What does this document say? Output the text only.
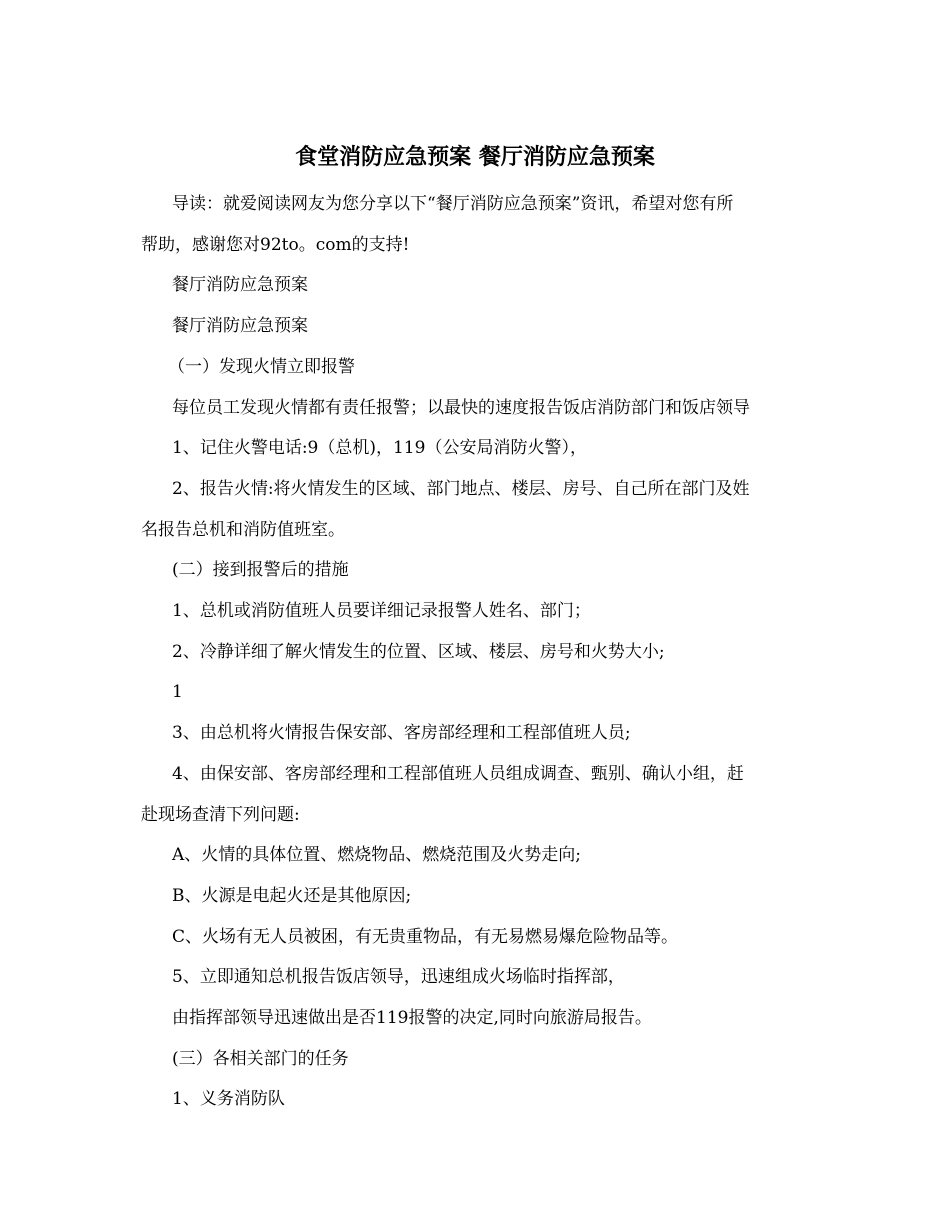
食堂消防应急预案 餐厅消防应急预案

导读：就爱阅读网友为您分享以下“餐厅消防应急预案”资讯，希望对您有所

帮助，感谢您对92to。com的支持!

餐厅消防应急预案

餐厅消防应急预案

（一）发现火情立即报警

每位员工发现火情都有责任报警；以最快的速度报告饭店消防部门和饭店领导

1、记住火警电话:9（总机)，119（公安局消防火警），

2、报告火情:将火情发生的区域、部门地点、楼层、房号、自己所在部门及姓

名报告总机和消防值班室。

(二）接到报警后的措施

1、总机或消防值班人员要详细记录报警人姓名、部门；

2、冷静详细了解火情发生的位置、区域、楼层、房号和火势大小;

1

3、由总机将火情报告保安部、客房部经理和工程部值班人员;

4、由保安部、客房部经理和工程部值班人员组成调查、甄别、确认小组，赶

赴现场查清下列问题:

A、火情的具体位置、燃烧物品、燃烧范围及火势走向;

B、火源是电起火还是其他原因;

C、火场有无人员被困，有无贵重物品，有无易燃易爆危险物品等。

5、立即通知总机报告饭店领导，迅速组成火场临时指挥部，

由指挥部领导迅速做出是否119报警的决定,同时向旅游局报告。

(三）各相关部门的任务

1、义务消防队
